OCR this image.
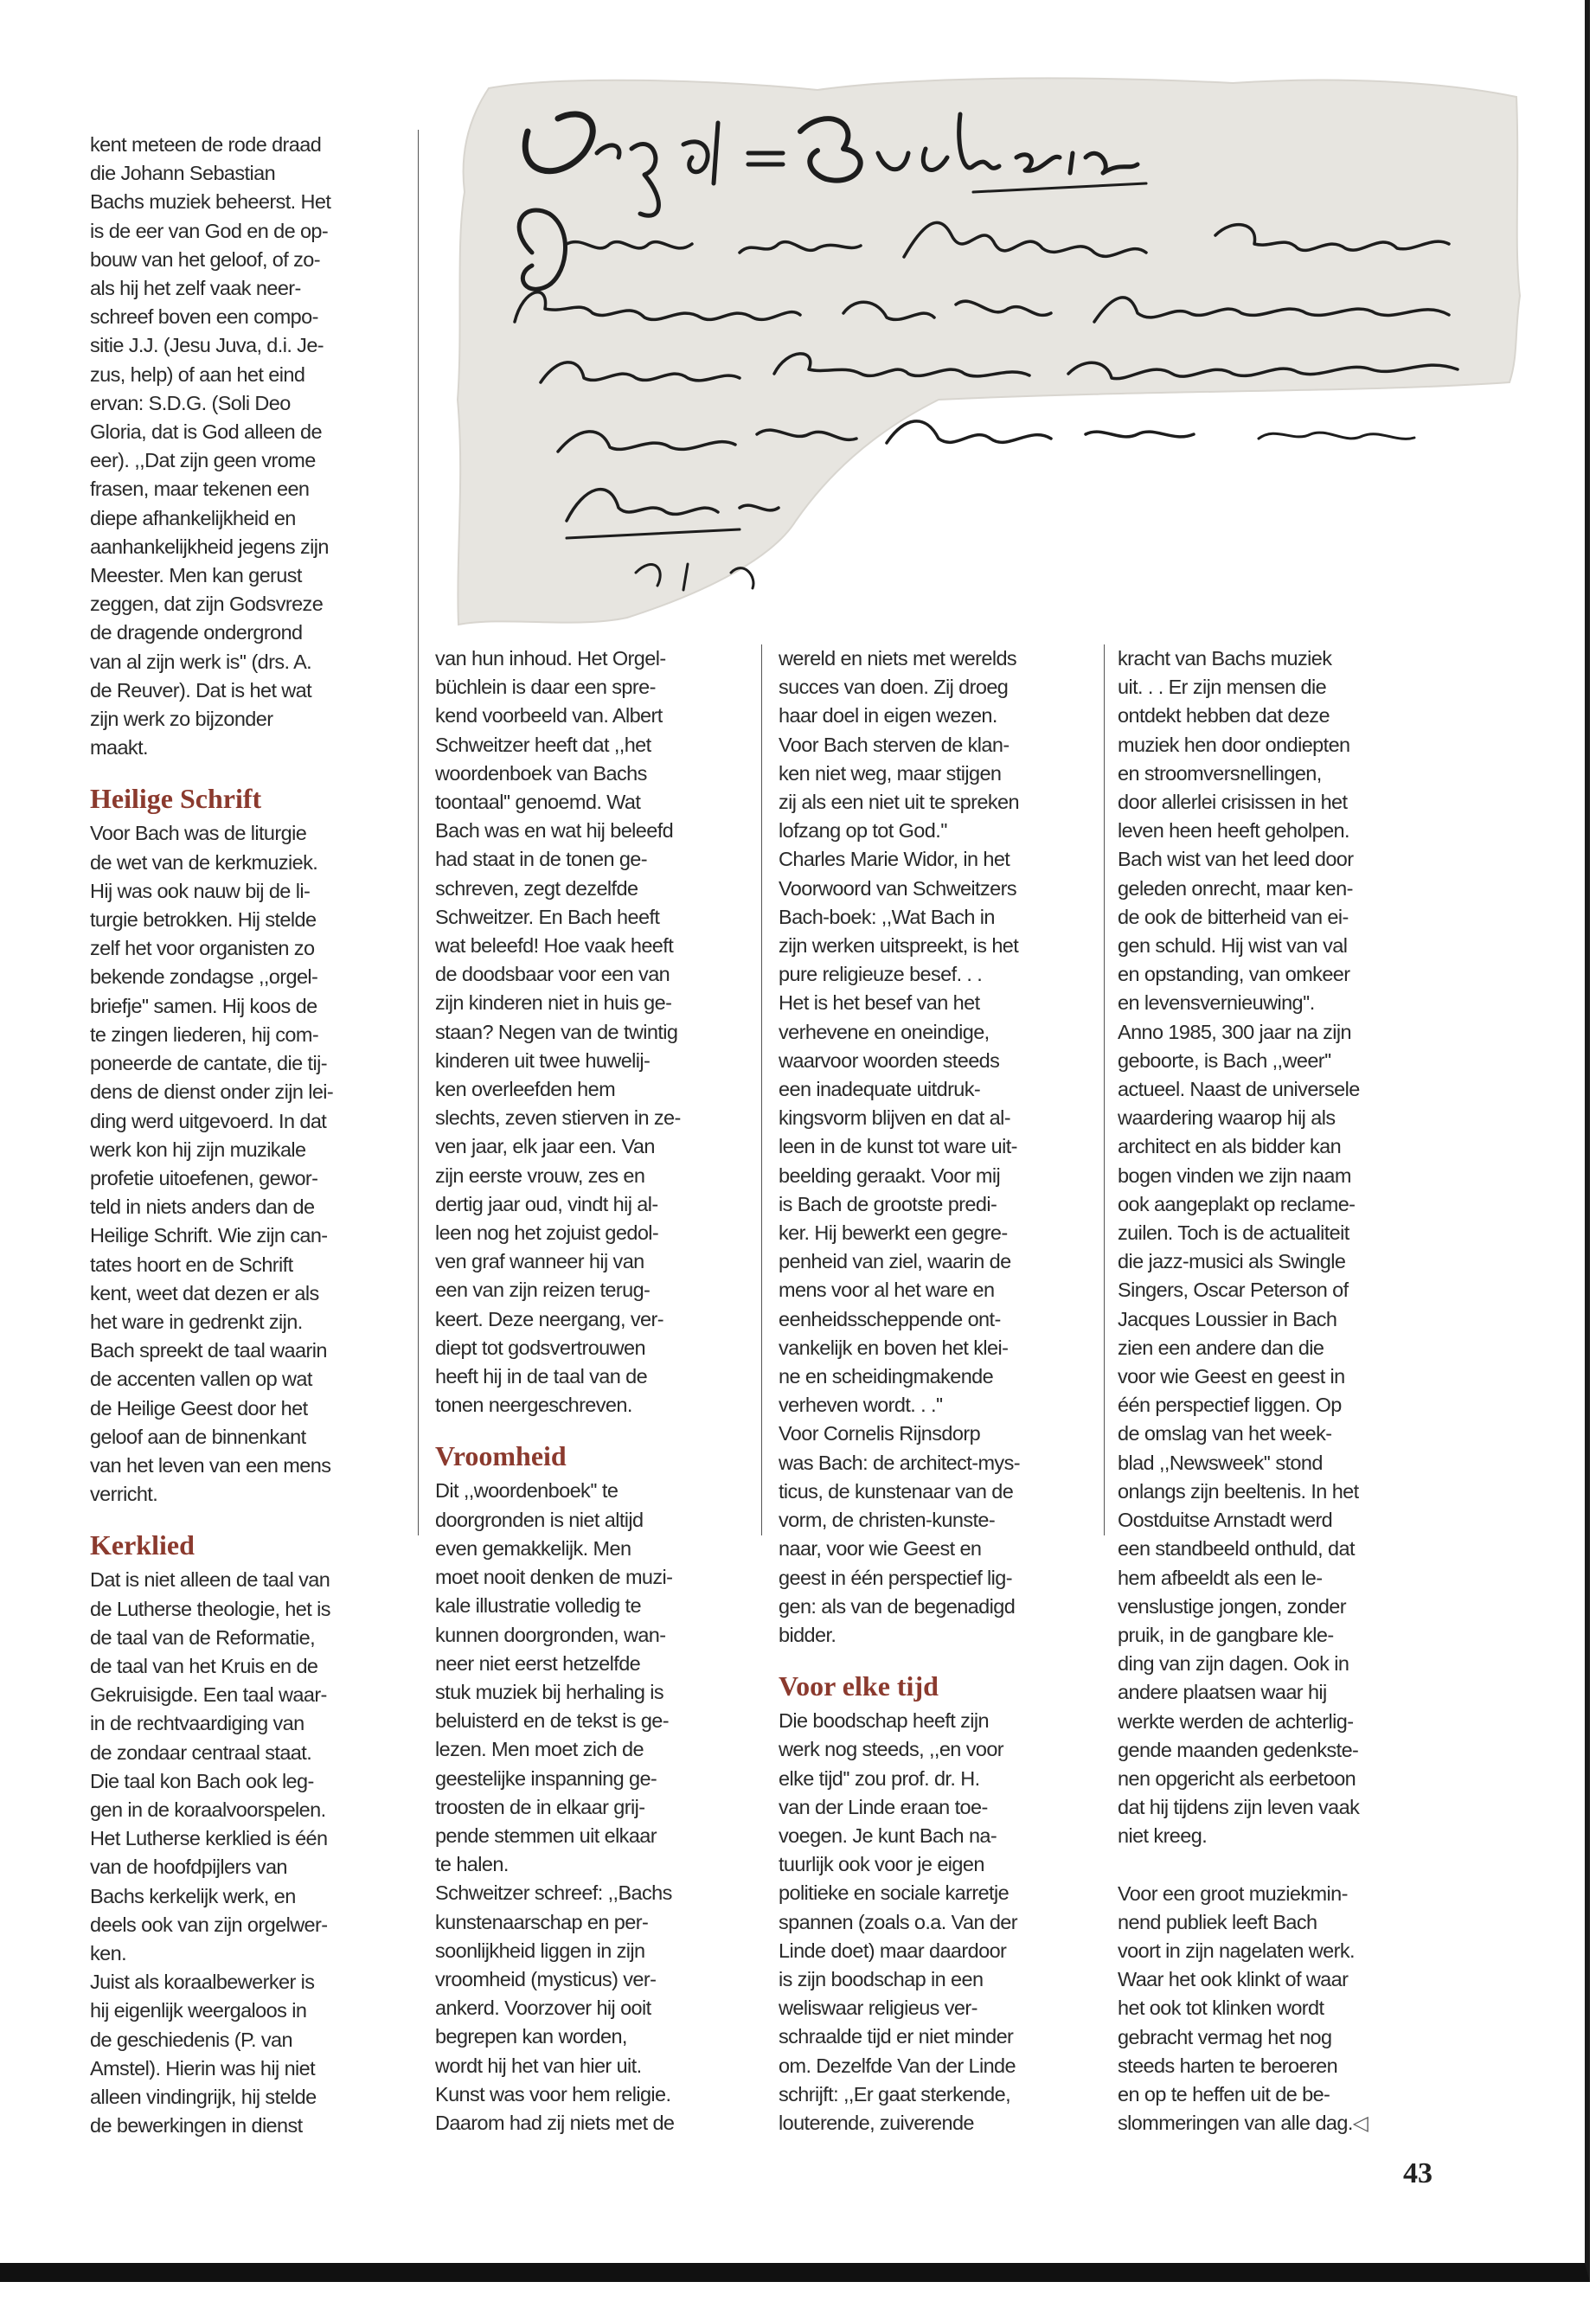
kent meteen de rode draad
die Johann Sebastian
Bachs muziek beheerst. Het
is de eer van God en de op-
bouw van het geloof, of zo-
als hij het zelf vaak neer-
schreef boven een compo-
sitie J.J. (Jesu Juva, d.i. Je-
zus, help) of aan het eind
ervan: S.D.G. (Soli Deo
Gloria, dat is God alleen de
eer). ,,Dat zijn geen vrome
frasen, maar tekenen een
diepe afhankelijkheid en
aanhankelijkheid jegens zijn
Meester. Men kan gerust
zeggen, dat zijn Godsvreze
de dragende ondergrond
van al zijn werk is'' (drs. A.
de Reuver). Dat is het wat
zijn werk zo bijzonder
maakt.

Heilige Schrift

Voor Bach was de liturgie
de wet van de kerkmuziek.
Hij was ook nauw bij de li-
turgie betrokken. Hij stelde
zelf het voor organisten zo
bekende zondagse ,,orgel-
briefje'' samen. Hij koos de
te zingen liederen, hij com-
poneerde de cantate, die tij-
dens de dienst onder zijn lei-
ding werd uitgevoerd. In dat
werk kon hij zijn muzikale
profetie uitoefenen, gewor-
teld in niets anders dan de
Heilige Schrift. Wie zijn can-
tates hoort en de Schrift
kent, weet dat dezen er als
het ware in gedrenkt zijn.
Bach spreekt de taal waarin
de accenten vallen op wat
de Heilige Geest door het
geloof aan de binnenkant
van het leven van een mens
verricht.

Kerklied

Dat is niet alleen de taal van
de Lutherse theologie, het is
de taal van de Reformatie,
de taal van het Kruis en de
Gekruisigde. Een taal waar-
in de rechtvaardiging van
de zondaar centraal staat.
Die taal kon Bach ook leg-
gen in de koraalvoorspelen.
Het Lutherse kerklied is één
van de hoofdpijlers van
Bachs kerkelijk werk, en
deels ook van zijn orgelwer-
ken.
Juist als koraalbewerker is
hij eigenlijk weergaloos in
de geschiedenis (P. van
Amstel). Hierin was hij niet
alleen vindingrijk, hij stelde
de bewerkingen in dienst

van hun inhoud. Het Orgel-
büchlein is daar een spre-
kend voorbeeld van. Albert
Schweitzer heeft dat ,,het
woordenboek van Bachs
toontaal'' genoemd. Wat
Bach was en wat hij beleefd
had staat in de tonen ge-
schreven, zegt dezelfde
Schweitzer. En Bach heeft
wat beleefd! Hoe vaak heeft
de doodsbaar voor een van
zijn kinderen niet in huis ge-
staan? Negen van de twintig
kinderen uit twee huwelij-
ken overleefden hem
slechts, zeven stierven in ze-
ven jaar, elk jaar een. Van
zijn eerste vrouw, zes en
dertig jaar oud, vindt hij al-
leen nog het zojuist gedol-
ven graf wanneer hij van
een van zijn reizen terug-
keert. Deze neergang, ver-
diept tot godsvertrouwen
heeft hij in de taal van de
tonen neergeschreven.

Vroomheid

Dit ,,woordenboek'' te
doorgronden is niet altijd
even gemakkelijk. Men
moet nooit denken de muzi-
kale illustratie volledig te
kunnen doorgronden, wan-
neer niet eerst hetzelfde
stuk muziek bij herhaling is
beluisterd en de tekst is ge-
lezen. Men moet zich de
geestelijke inspanning ge-
troosten de in elkaar grij-
pende stemmen uit elkaar
te halen.
Schweitzer schreef: ,,Bachs
kunstenaarschap en per-
soonlijkheid liggen in zijn
vroomheid (mysticus) ver-
ankerd. Voorzover hij ooit
begrepen kan worden,
wordt hij het van hier uit.
Kunst was voor hem religie.
Daarom had zij niets met de

wereld en niets met werelds
succes van doen. Zij droeg
haar doel in eigen wezen.
Voor Bach sterven de klan-
ken niet weg, maar stijgen
zij als een niet uit te spreken
lofzang op tot God.''
Charles Marie Widor, in het
Voorwoord van Schweitzers
Bach-boek: ,,Wat Bach in
zijn werken uitspreekt, is het
pure religieuze besef. . .
Het is het besef van het
verhevene en oneindige,
waarvoor woorden steeds
een inadequate uitdruk-
kingsvorm blijven en dat al-
leen in de kunst tot ware uit-
beelding geraakt. Voor mij
is Bach de grootste predi-
ker. Hij bewerkt een gegre-
penheid van ziel, waarin de
mens voor al het ware en
eenheidsscheppende ont-
vankelijk en boven het klei-
ne en scheidingmakende
verheven wordt. . .''
Voor Cornelis Rijnsdorp
was Bach: de architect-mys-
ticus, de kunstenaar van de
vorm, de christen-kunste-
naar, voor wie Geest en
geest in één perspectief lig-
gen: als van de begenadigd
bidder.

Voor elke tijd

Die boodschap heeft zijn
werk nog steeds, ,,en voor
elke tijd'' zou prof. dr. H.
van der Linde eraan toe-
voegen. Je kunt Bach na-
tuurlijk ook voor je eigen
politieke en sociale karretje
spannen (zoals o.a. Van der
Linde doet) maar daardoor
is zijn boodschap in een
weliswaar religieus ver-
schraalde tijd er niet minder
om. Dezelfde Van der Linde
schrijft: ,,Er gaat sterkende,
louterende, zuiverende

kracht van Bachs muziek
uit. . . Er zijn mensen die
ontdekt hebben dat deze
muziek hen door ondiepten
en stroomversnellingen,
door allerlei crisissen in het
leven heen heeft geholpen.
Bach wist van het leed door
geleden onrecht, maar ken-
de ook de bitterheid van ei-
gen schuld. Hij wist van val
en opstanding, van omkeer
en levensvernieuwing''.
Anno 1985, 300 jaar na zijn
geboorte, is Bach ,,weer''
actueel. Naast de universele
waardering waarop hij als
architect en als bidder kan
bogen vinden we zijn naam
ook aangeplakt op reclame-
zuilen. Toch is de actualiteit
die jazz-musici als Swingle
Singers, Oscar Peterson of
Jacques Loussier in Bach
zien een andere dan die
voor wie Geest en geest in
één perspectief liggen. Op
de omslag van het week-
blad ,,Newsweek'' stond
onlangs zijn beeltenis. In het
Oostduitse Arnstadt werd
een standbeeld onthuld, dat
hem afbeeldt als een le-
venslustige jongen, zonder
pruik, in de gangbare kle-
ding van zijn dagen. Ook in
andere plaatsen waar hij
werkte werden de achterlig-
gende maanden gedenkste-
nen opgericht als eerbetoon
dat hij tijdens zijn leven vaak
niet kreeg.

Voor een groot muziekmin-
nend publiek leeft Bach
voort in zijn nagelaten werk.
Waar het ook klinkt of waar
het ook tot klinken wordt
gebracht vermag het nog
steeds harten te beroeren
en op te heffen uit de be-
slommeringen van alle dag.◁

43
